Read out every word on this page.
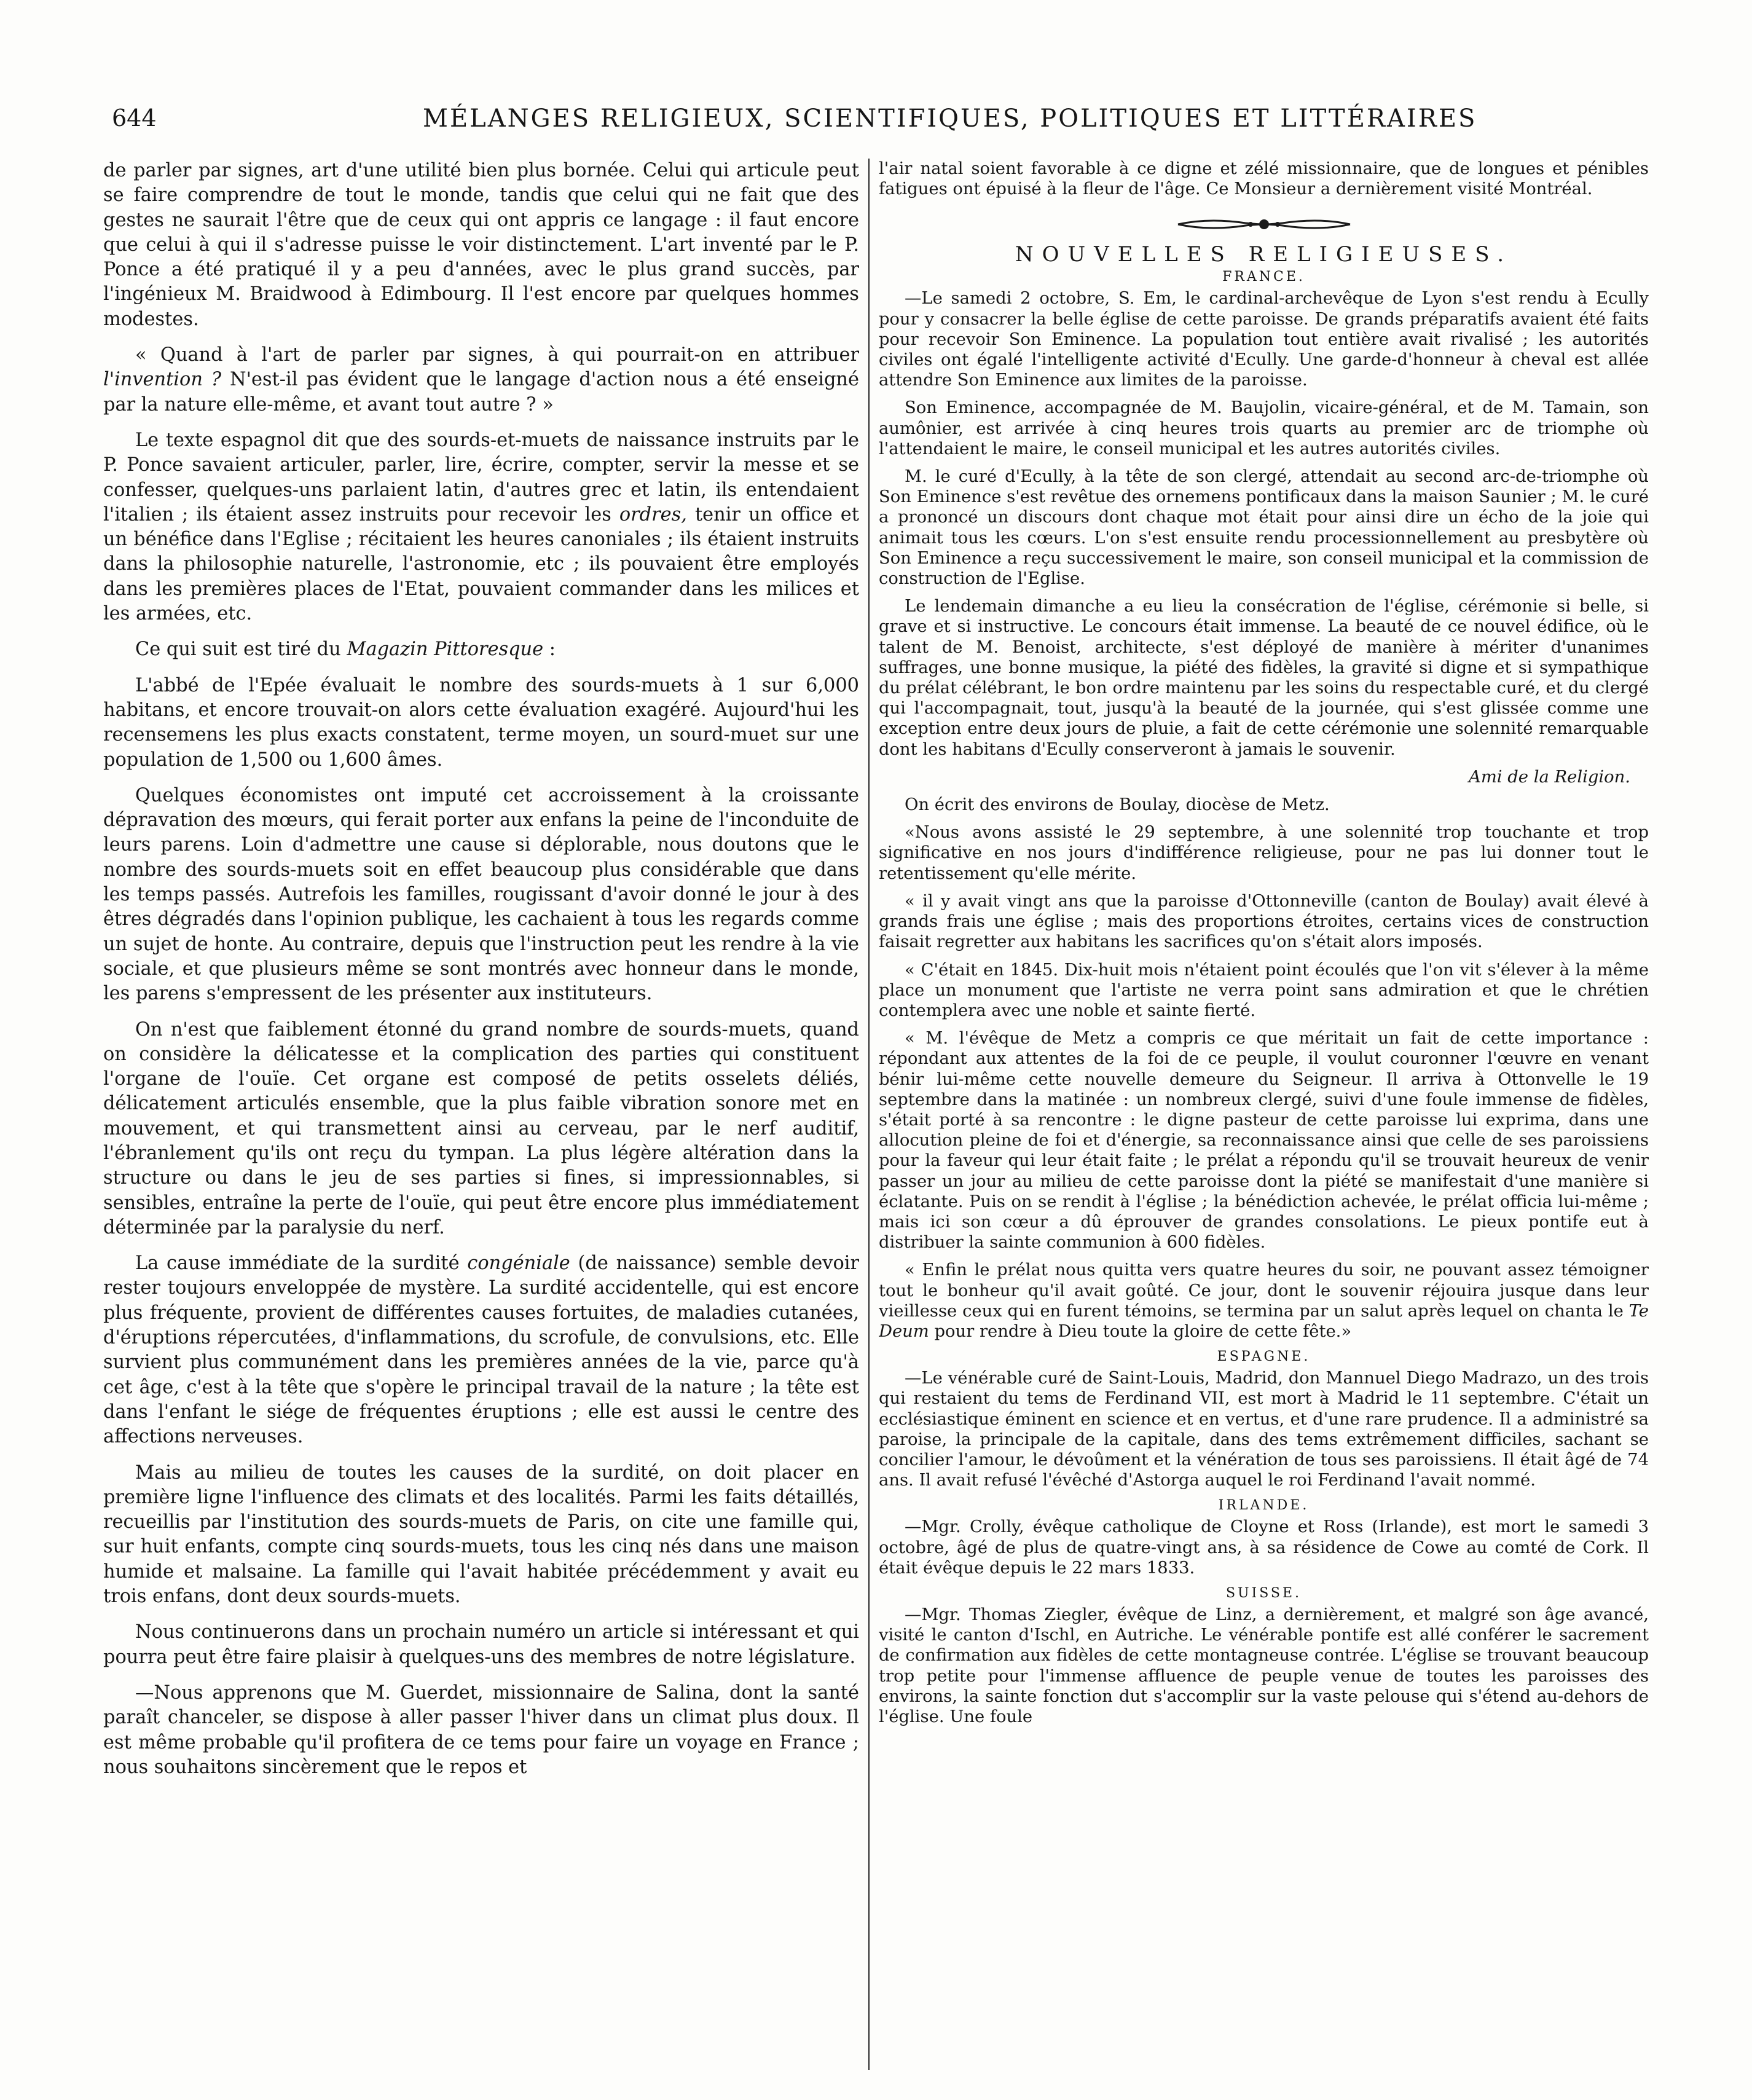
644	MÉLANGES RELIGIEUX, SCIENTIFIQUES, POLITIQUES ET LITTÉRAIRES

de parler par signes, art d'une utilité bien plus bornée. Celui qui articule peut se faire comprendre de tout le monde, tandis que celui qui ne fait que des gestes ne saurait l'être que de ceux qui ont appris ce langage : il faut encore que celui à qui il s'adresse puisse le voir distinctement. L'art inventé par le P. Ponce a été pratiqué il y a peu d'années, avec le plus grand succès, par l'ingénieux M. Braidwood à Edimbourg. Il l'est encore par quelques hommes modestes.

« Quand à l'art de parler par signes, à qui pourrait-on en attribuer l'invention ? N'est-il pas évident que le langage d'action nous a été enseigné par la nature elle-même, et avant tout autre ? »

Le texte espagnol dit que des sourds-et-muets de naissance instruits par le P. Ponce savaient articuler, parler, lire, écrire, compter, servir la messe et se confesser, quelques-uns parlaient latin, d'autres grec et latin, ils entendaient l'italien ; ils étaient assez instruits pour recevoir les ordres, tenir un office et un bénéfice dans l'Eglise ; récitaient les heures canoniales ; ils étaient instruits dans la philosophie naturelle, l'astronomie, etc ; ils pouvaient être employés dans les premières places de l'Etat, pouvaient commander dans les milices et les armées, etc.

Ce qui suit est tiré du Magazin Pittoresque :

L'abbé de l'Epée évaluait le nombre des sourds-muets à 1 sur 6,000 habitans, et encore trouvait-on alors cette évaluation exagéré. Aujourd'hui les recensemens les plus exacts constatent, terme moyen, un sourd-muet sur une population de 1,500 ou 1,600 âmes.

Quelques économistes ont imputé cet accroissement à la croissante dépravation des mœurs, qui ferait porter aux enfans la peine de l'inconduite de leurs parens. Loin d'admettre une cause si déplorable, nous doutons que le nombre des sourds-muets soit en effet beaucoup plus considérable que dans les temps passés. Autrefois les familles, rougissant d'avoir donné le jour à des êtres dégradés dans l'opinion publique, les cachaient à tous les regards comme un sujet de honte. Au contraire, depuis que l'instruction peut les rendre à la vie sociale, et que plusieurs même se sont montrés avec honneur dans le monde, les parens s'empressent de les présenter aux instituteurs.

On n'est que faiblement étonné du grand nombre de sourds-muets, quand on considère la délicatesse et la complication des parties qui constituent l'organe de l'ouïe. Cet organe est composé de petits osselets déliés, délicatement articulés ensemble, que la plus faible vibration sonore met en mouvement, et qui transmettent ainsi au cerveau, par le nerf auditif, l'ébranlement qu'ils ont reçu du tympan. La plus légère altération dans la structure ou dans le jeu de ses parties si fines, si impressionnables, si sensibles, entraîne la perte de l'ouïe, qui peut être encore plus immédiatement déterminée par la paralysie du nerf.

La cause immédiate de la surdité congéniale (de naissance) semble devoir rester toujours enveloppée de mystère. La surdité accidentelle, qui est encore plus fréquente, provient de différentes causes fortuites, de maladies cutanées, d'éruptions répercutées, d'inflammations, du scrofule, de convulsions, etc. Elle survient plus communément dans les premières années de la vie, parce qu'à cet âge, c'est à la tête que s'opère le principal travail de la nature ; la tête est dans l'enfant le siége de fréquentes éruptions ; elle est aussi le centre des affections nerveuses.

Mais au milieu de toutes les causes de la surdité, on doit placer en première ligne l'influence des climats et des localités. Parmi les faits détaillés, recueillis par l'institution des sourds-muets de Paris, on cite une famille qui, sur huit enfants, compte cinq sourds-muets, tous les cinq nés dans une maison humide et malsaine. La famille qui l'avait habitée précédemment y avait eu trois enfans, dont deux sourds-muets.

Nous continuerons dans un prochain numéro un article si intéressant et qui pourra peut être faire plaisir à quelques-uns des membres de notre législature.

—Nous apprenons que M. Guerdet, missionnaire de Salina, dont la santé paraît chanceler, se dispose à aller passer l'hiver dans un climat plus doux. Il est même probable qu'il profitera de ce tems pour faire un voyage en France ; nous souhaitons sincèrement que le repos et

l'air natal soient favorable à ce digne et zélé missionnaire, que de longues et pénibles fatigues ont épuisé à la fleur de l'âge. Ce Monsieur a dernièrement visité Montréal.

NOUVELLES RELIGIEUSES.
FRANCE.

—Le samedi 2 octobre, S. Em, le cardinal-archevêque de Lyon s'est rendu à Ecully pour y consacrer la belle église de cette paroisse. De grands préparatifs avaient été faits pour recevoir Son Eminence. La population tout entière avait rivalisé ; les autorités civiles ont égalé l'intelligente activité d'Ecully. Une garde-d'honneur à cheval est allée attendre Son Eminence aux limites de la paroisse.

Son Eminence, accompagnée de M. Baujolin, vicaire-général, et de M. Tamain, son aumônier, est arrivée à cinq heures trois quarts au premier arc de triomphe où l'attendaient le maire, le conseil municipal et les autres autorités civiles.

M. le curé d'Ecully, à la tête de son clergé, attendait au second arc-de-triomphe où Son Eminence s'est revêtue des ornemens pontificaux dans la maison Saunier ; M. le curé a prononcé un discours dont chaque mot était pour ainsi dire un écho de la joie qui animait tous les cœurs. L'on s'est ensuite rendu processionnellement au presbytère où Son Eminence a reçu successivement le maire, son conseil municipal et la commission de construction de l'Eglise.

Le lendemain dimanche a eu lieu la consécration de l'église, cérémonie si belle, si grave et si instructive. Le concours était immense. La beauté de ce nouvel édifice, où le talent de M. Benoist, architecte, s'est déployé de manière à mériter d'unanimes suffrages, une bonne musique, la piété des fidèles, la gravité si digne et si sympathique du prélat célébrant, le bon ordre maintenu par les soins du respectable curé, et du clergé qui l'accompagnait, tout, jusqu'à la beauté de la journée, qui s'est glissée comme une exception entre deux jours de pluie, a fait de cette cérémonie une solennité remarquable dont les habitans d'Ecully conserveront à jamais le souvenir.

Ami de la Religion.

On écrit des environs de Boulay, diocèse de Metz.

«Nous avons assisté le 29 septembre, à une solennité trop touchante et trop significative en nos jours d'indifférence religieuse, pour ne pas lui donner tout le retentissement qu'elle mérite.

« il y avait vingt ans que la paroisse d'Ottonneville (canton de Boulay) avait élevé à grands frais une église ; mais des proportions étroites, certains vices de construction faisait regretter aux habitans les sacrifices qu'on s'était alors imposés.

« C'était en 1845. Dix-huit mois n'étaient point écoulés que l'on vit s'élever à la même place un monument que l'artiste ne verra point sans admiration et que le chrétien contemplera avec une noble et sainte fierté.

« M. l'évêque de Metz a compris ce que méritait un fait de cette importance : répondant aux attentes de la foi de ce peuple, il voulut couronner l'œuvre en venant bénir lui-même cette nouvelle demeure du Seigneur. Il arriva à Ottonvelle le 19 septembre dans la matinée : un nombreux clergé, suivi d'une foule immense de fidèles, s'était porté à sa rencontre : le digne pasteur de cette paroisse lui exprima, dans une allocution pleine de foi et d'énergie, sa reconnaissance ainsi que celle de ses paroissiens pour la faveur qui leur était faite ; le prélat a répondu qu'il se trouvait heureux de venir passer un jour au milieu de cette paroisse dont la piété se manifestait d'une manière si éclatante. Puis on se rendit à l'église ; la bénédiction achevée, le prélat officia lui-même ; mais ici son cœur a dû éprouver de grandes consolations. Le pieux pontife eut à distribuer la sainte communion à 600 fidèles.

« Enfin le prélat nous quitta vers quatre heures du soir, ne pouvant assez témoigner tout le bonheur qu'il avait goûté. Ce jour, dont le souvenir réjouira jusque dans leur vieillesse ceux qui en furent témoins, se termina par un salut après lequel on chanta le Te Deum pour rendre à Dieu toute la gloire de cette fête.»

ESPAGNE.

—Le vénérable curé de Saint-Louis, Madrid, don Mannuel Diego Madrazo, un des trois qui restaient du tems de Ferdinand VII, est mort à Madrid le 11 septembre. C'était un ecclésiastique éminent en science et en vertus, et d'une rare prudence. Il a administré sa paroise, la principale de la capitale, dans des tems extrêmement difficiles, sachant se concilier l'amour, le dévoûment et la vénération de tous ses paroissiens. Il était âgé de 74 ans. Il avait refusé l'évêché d'Astorga auquel le roi Ferdinand l'avait nommé.

IRLANDE.

—Mgr. Crolly, évêque catholique de Cloyne et Ross (Irlande), est mort le samedi 3 octobre, âgé de plus de quatre-vingt ans, à sa résidence de Cowe au comté de Cork. Il était évêque depuis le 22 mars 1833.

SUISSE.

—Mgr. Thomas Ziegler, évêque de Linz, a dernièrement, et malgré son âge avancé, visité le canton d'Ischl, en Autriche. Le vénérable pontife est allé conférer le sacrement de confirmation aux fidèles de cette montagneuse contrée. L'église se trouvant beaucoup trop petite pour l'immense affluence de peuple venue de toutes les paroisses des environs, la sainte fonction dut s'accomplir sur la vaste pelouse qui s'étend au-dehors de l'église. Une foule
